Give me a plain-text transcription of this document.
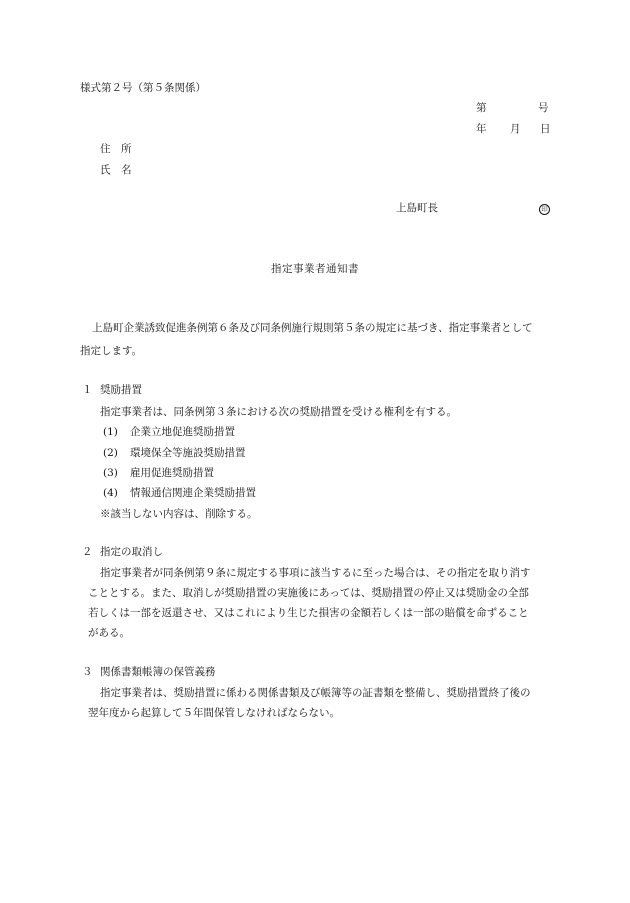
様式第２号（第５条関係）
第	号
年 月 日
住　所
氏　名
上島町長	印
指定事業者通知書
上島町企業誘致促進条例第６条及び同条例施行規則第５条の規定に基づき、指定事業者として
指定します。
１ 奨励措置
指定事業者は、同条例第３条における次の奨励措置を受ける権利を有する。
(1) 企業立地促進奨励措置
(2) 環境保全等施設奨励措置
(3) 雇用促進奨励措置
(4) 情報通信関連企業奨励措置
※該当しない内容は、削除する。
２ 指定の取消し
指定事業者が同条例第９条に規定する事項に該当するに至った場合は、その指定を取り消す
こととする。また、取消しが奨励措置の実施後にあっては、奨励措置の停止又は奨励金の全部
若しくは一部を返還させ、又はこれにより生じた損害の金額若しくは一部の賠償を命ずること
がある。
３ 関係書類帳簿の保管義務
指定事業者は、奨励措置に係わる関係書類及び帳簿等の証書類を整備し、奨励措置終了後の
翌年度から起算して５年間保管しなければならない。
